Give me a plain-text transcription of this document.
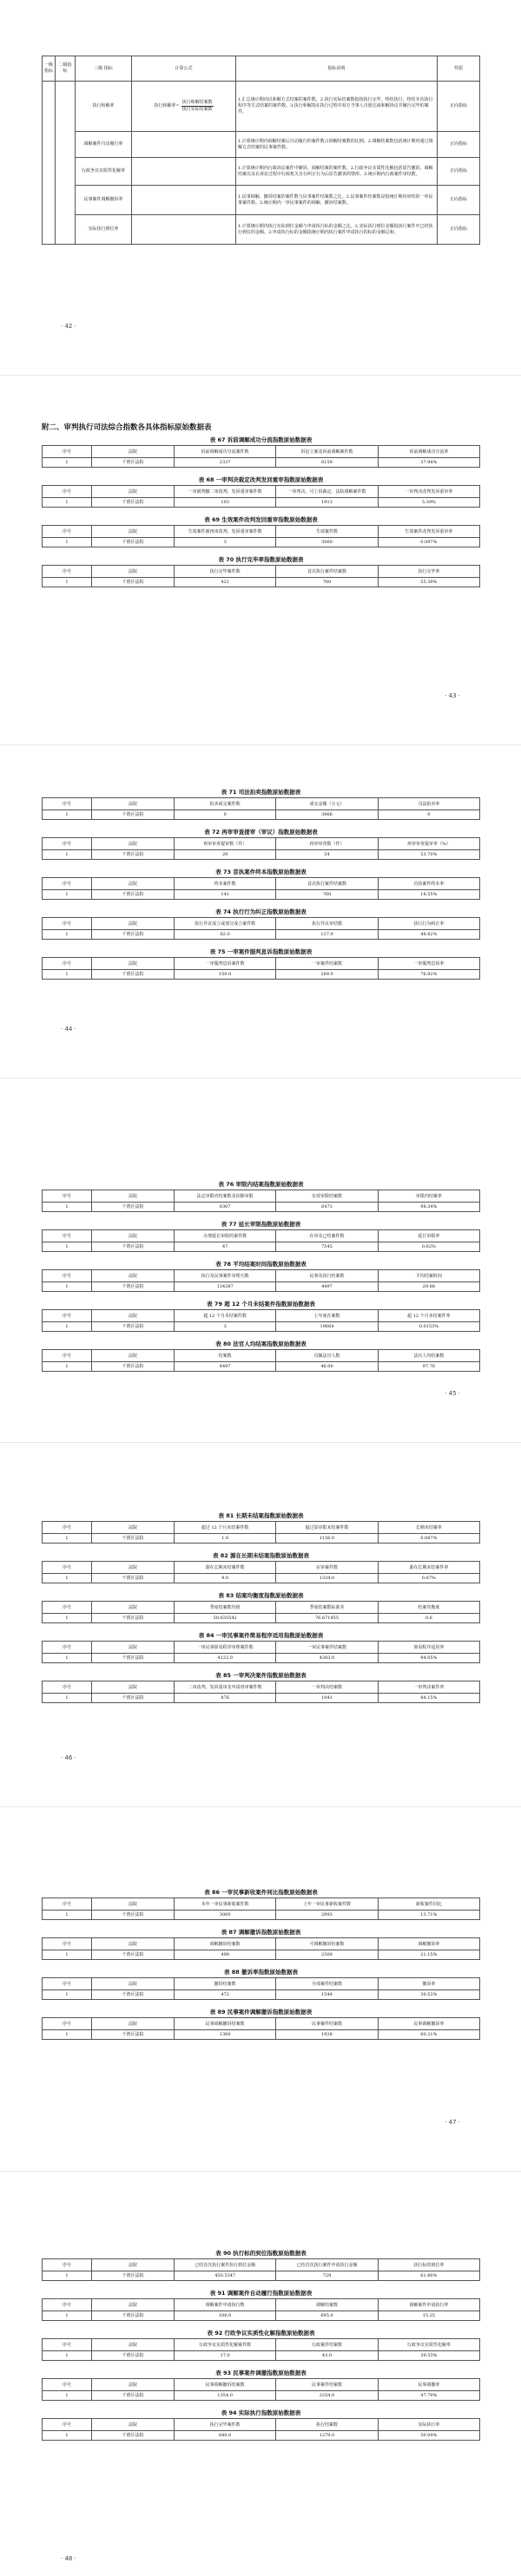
一级指标	二级指标	三级 指标	计算公式	指标说明	性质
		执行和解率	执行和解率= $\frac{\text{执行和解结案数}}{\text{执行实际结案数}}$	1.汇总统计期内以和解方式结案的案件数。2.执行实际结案数指按执行完毕、终结执行、终结本次执行程序等方式结案的案件数。3.执行和解指在执行过程中双方当事人自愿达成和解协议并履行完毕的案件。	正向指标
		调解案件自动履行率		1.计算统计期内调解结案后自动履行的案件数占调解结案数的比例。2.调解结案数包括统计期内通过调解方式结案的民事案件数。	正向指标
		行政争议实质性化解率		1.计算统计期内行政诉讼案件中撤诉、调解结案的案件数。2.行政争议实质性化解包括原告撤诉、调解结案以及在诉讼过程中行政机关自行纠正行为后原告撤诉的情形。3.统计期内行政案件审结数。	正向指标
		民事案件调解撤诉率		1.民事调解、撤诉结案的案件数与民事案件结案数之比。2.民事案件结案数是指统计期内审结的一审民事案件数。3.统计期内一审民事案件的调解、撤诉结案数。	正向指标
		实际执行到位率		1.计算统计期内执行实际到位金额与申请执行标的金额之比。2.实际执行到位金额指执行案件中已经执行到位的金额。3.申请执行标的金额指统计期内执行案件申请执行的标的金额总和。	正向指标
· 42 ·
附二、审判执行司法综合指数各具体指标原始数据表
· 43 ·
· 44 ·
· 45 ·
· 46 ·
· 47 ·
· 48 ·
表 67 诉前调解成功分流指数原始数据表
序号	法院	诉前调解成功分流案件数	诉讼立案及诉前调解案件数	诉前调解成功分流率
1	千禧区法院	2337	6159	37.94%
表 68 一审判决裁定改判发回重审指数原始数据表
序号	法院	一审被判撤二审改判、发回重审案件数	一审判决、可上诉裁定、法院调解案件数	一审判决改判发回重审率
1	千禧区法院	103	1913	5.39%
表 69 生效案件改判发回重审指数原始数据表
序号	法院	生效案件被再审改判、发回重审案件数	生效案件数	生效案件改判发回重审率
1	千禧区法院	3	3060	0.097%
表 70 执行完毕率指数原始数据表
序号	法院	执行完毕案件数	首次执行案件结案数	执行完毕率
1	千禧区法院	421	760	55.39%
表 71 司法拍卖指数原始数据表
序号	法院	拍卖成交案件数	成交金额（万元）	司法拍卖率
1	千禧区法院	0	3966	0
表 72 再审审查提审（审议）指数原始数据表
序号	法院	再审审查提审数（件）	再审审查数（件）	再审审查提审率（%）
1	千禧区法院	29	54	53.70%
表 73 首执案件终本指数原始数据表
序号	法院	终本案件数	首次执行案件结案数	首执案件终本率
1	千禧区法院	141	760	18.55%
表 74 执行行为纠正指数原始数据表
序号	法院	执行异议成立或部分成立案件数	执行异议审结数	执行行为纠正率
1	千禧区法院	62.0	127.0	48.82%
表 75 一审案件服判息诉指数原始数据表
序号	法院	一审服判息诉案件数	一审案件结案数	一审服判息诉率
1	千禧区法院	150.0	169.0	76.92%
表 76 审限内结案指数原始数据表
序号	法院	法定审限内结案数及扣除审限	有效审限结案数	审限内结案率
1	千禧区法院	6307	6473	98.34%
表 77 延长审限指数原始数据表
序号	法院	办理延长审限的案件数	在审及已结案件数	延长审限率
1	千禧区法院	47	7545	0.62%
表 78 平均结案时间指数原始数据表
序号	法院	执行及民事案件审理天数	民事及执行结案数	平均结案时间
1	千禧区法院	134387	4497	29.88
表 79 超 12 个月未结案件指数原始数据表
序号	法院	超 12 个月未结案件数	上年度在案数	超 12 个月未结案件率
1	千禧区法院	3	19664	0.0153%
表 80 法官人均结案指数原始数据表
序号	法院	结案数	员额法官人数	法官人均结案数
1	千禧区法院	4497	46.00	97.76
表 81 长期未结案指数原始数据表
序号	法院	超过 12 个月未结案件数	超过原审限未结案件数	长期未结案率
1	千禧区法院	1.0	1156.0	0.087%
表 82 源在长期未结案指数原始数据表
序号	法院	源在长期未结案件数	在审案件数	源在长期未结案件率
1	千禧区法院	9.0	1334.0	0.67%
表 83 结案均衡度指数原始数据表
序号	法院	季度结案数均值	季度结案数标准差	结案均衡度
1	千禧区法院	50.635542	76.671455	0.6
表 84 一审民事案件简易程序适用指数原始数据表
序号	法院	一审民事简易程序审理案件数	一审民事案件结案数	简易程序适用率
1	千禧区法院	4122.0	4383.0	94.05%
表 85 一审判决案件指数原始数据表
序号	法院	二审改判、发回重审及申请再审案件数	一审判决结案数	一审判决案件率
1	千禧区法院	876	1041	84.15%
表 86 一审民事新收案件同比指数原始数据表
序号	法院	本年一审民事新收案件数	上年一审民事新收案件数	新收案件同比
1	千禧区法院	3000	2993	13.71%
表 87 调解撤诉指数原始数据表
序号	法院	调解撤诉结案数	可调解撤诉结案数	调解撤诉率
1	千禧区法院	499	2300	21.15%
表 88 撤诉率指数原始数据表
序号	法院	撤诉结案数	全部案件结案数	撤诉率
1	千禧区法院	472	1544	30.53%
表 89 民事案件调解撤诉指数原始数据表
序号	法院	民事调解撤诉结案数	民事案件结案数	民事调解撤诉率
1	千禧区法院	1300	1928	60.21%
表 90 执行标的到位指数原始数据表
序号	法院	已结首次执行案件执行到位金额	已结首次执行案件申请执行金额	执行标的到位率
1	千禧区法院	450.5347	729	61.80%
表 91 调解案件自动履行指数原始数据表
序号	法院	调解案件申请执行数	调解结案数	调解案件申请执行率
1	千禧区法院	106.0	695.0	15.25
表 92 行政争议实质性化解指数原始数据表
序号	法院	行政争议实质性化解案件数	行政案件结案数	行政争议实质性化解率
1	千禧区法院	17.0	43.0	39.53%
表 93 民事案件调撤指数原始数据表
序号	法院	民事调解撤诉结案数	民事案件结案数	民事调撤率
1	千禧区法院	1354.0	2254.0	47.79%
表 94 实际执行指数原始数据表
序号	法院	执行完毕案件数	执行结案数	实际执行率
1	千禧区法院	640.0	1279.0	50.04%
